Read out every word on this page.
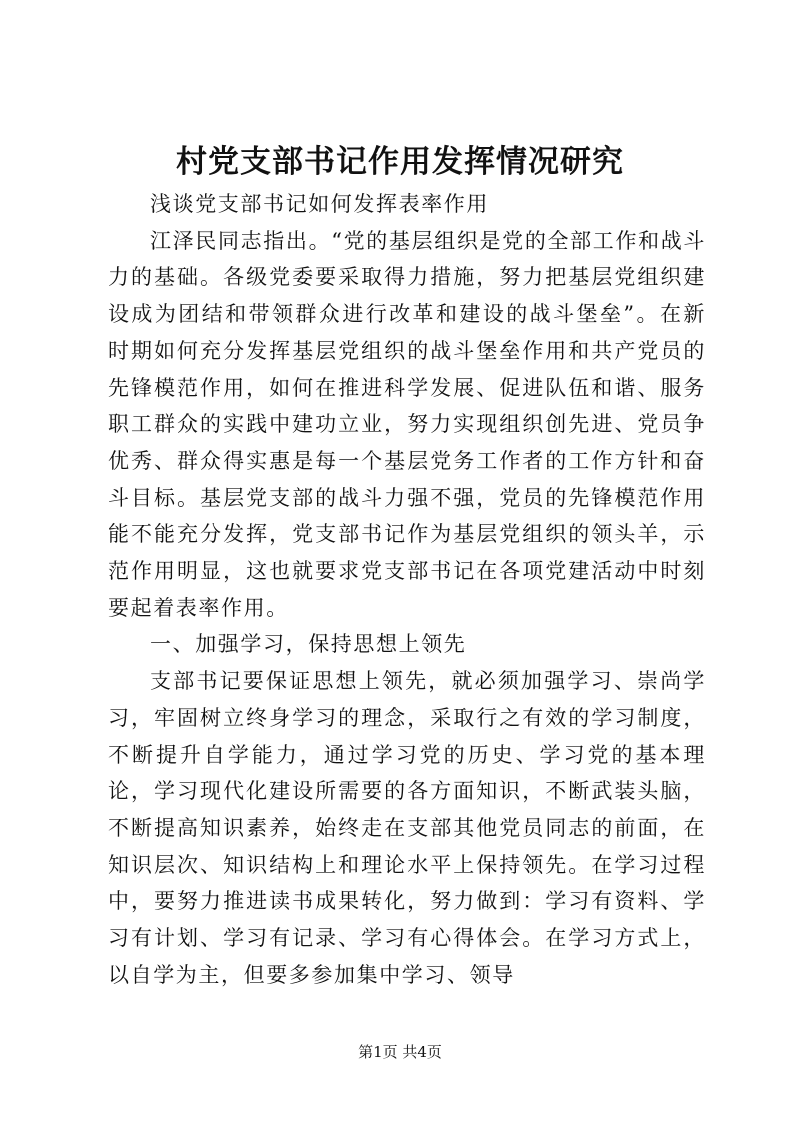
村党支部书记作用发挥情况研究

浅谈党支部书记如何发挥表率作用

江泽民同志指出。“党的基层组织是党的全部工作和战斗力的基础。各级党委要采取得力措施，努力把基层党组织建设成为团结和带领群众进行改革和建设的战斗堡垒”。在新时期如何充分发挥基层党组织的战斗堡垒作用和共产党员的先锋模范作用，如何在推进科学发展、促进队伍和谐、服务职工群众的实践中建功立业，努力实现组织创先进、党员争优秀、群众得实惠是每一个基层党务工作者的工作方针和奋斗目标。基层党支部的战斗力强不强，党员的先锋模范作用能不能充分发挥，党支部书记作为基层党组织的领头羊，示范作用明显，这也就要求党支部书记在各项党建活动中时刻要起着表率作用。

一、加强学习，保持思想上领先

支部书记要保证思想上领先，就必须加强学习、崇尚学习，牢固树立终身学习的理念，采取行之有效的学习制度，不断提升自学能力，通过学习党的历史、学习党的基本理论，学习现代化建设所需要的各方面知识，不断武装头脑，不断提高知识素养，始终走在支部其他党员同志的前面，在知识层次、知识结构上和理论水平上保持领先。在学习过程中，要努力推进读书成果转化，努力做到：学习有资料、学习有计划、学习有记录、学习有心得体会。在学习方式上，以自学为主，但要多参加集中学习、领导

第1页 共4页
